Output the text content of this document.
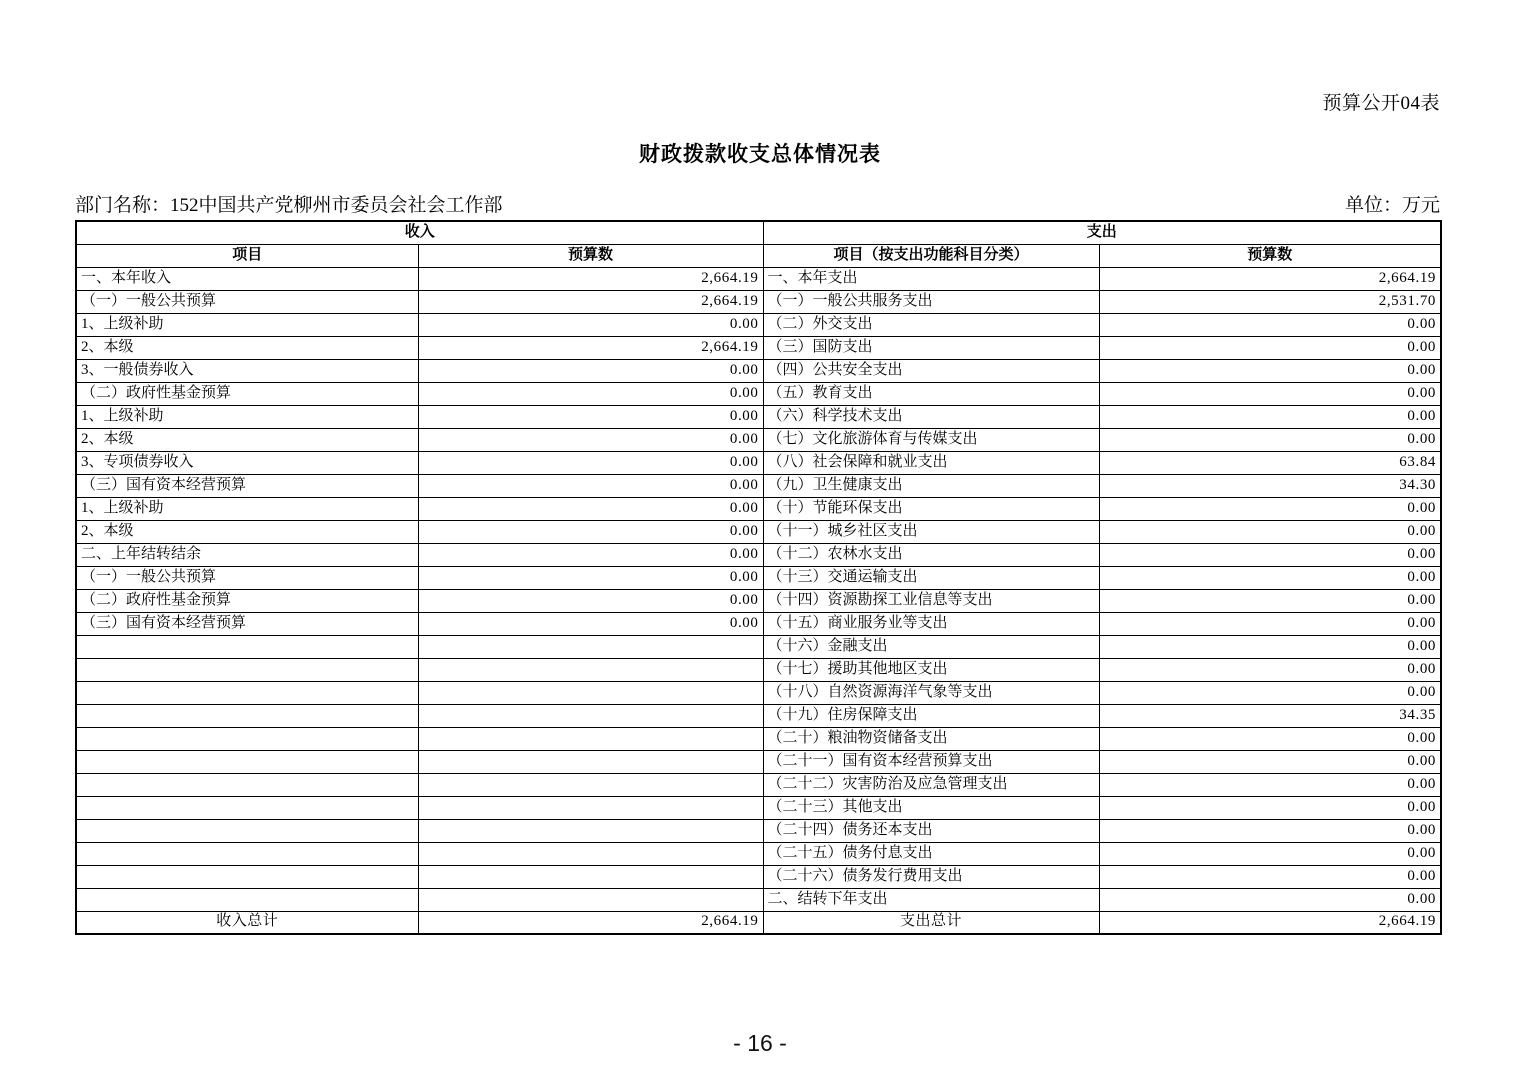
预算公开04表
财政拨款收支总体情况表
部门名称：152中国共产党柳州市委员会社会工作部	单位：万元
收入		支出	
项目	预算数	项目（按支出功能科目分类）	预算数
一、本年收入	2,664.19	一、本年支出	2,664.19
（一）一般公共预算	2,664.19	（一）一般公共服务支出	2,531.70
1、上级补助	0.00	（二）外交支出	0.00
2、本级	2,664.19	（三）国防支出	0.00
3、一般债券收入	0.00	（四）公共安全支出	0.00
（二）政府性基金预算	0.00	（五）教育支出	0.00
1、上级补助	0.00	（六）科学技术支出	0.00
2、本级	0.00	（七）文化旅游体育与传媒支出	0.00
3、专项债券收入	0.00	（八）社会保障和就业支出	63.84
（三）国有资本经营预算	0.00	（九）卫生健康支出	34.30
1、上级补助	0.00	（十）节能环保支出	0.00
2、本级	0.00	（十一）城乡社区支出	0.00
二、上年结转结余	0.00	（十二）农林水支出	0.00
（一）一般公共预算	0.00	（十三）交通运输支出	0.00
（二）政府性基金预算	0.00	（十四）资源勘探工业信息等支出	0.00
（三）国有资本经营预算	0.00	（十五）商业服务业等支出	0.00
		（十六）金融支出	0.00
		（十七）援助其他地区支出	0.00
		（十八）自然资源海洋气象等支出	0.00
		（十九）住房保障支出	34.35
		（二十）粮油物资储备支出	0.00
		（二十一）国有资本经营预算支出	0.00
		（二十二）灾害防治及应急管理支出	0.00
		（二十三）其他支出	0.00
		（二十四）债务还本支出	0.00
		（二十五）债务付息支出	0.00
		（二十六）债务发行费用支出	0.00
		二、结转下年支出	0.00
收入总计	2,664.19	支出总计	2,664.19
- 16 -
